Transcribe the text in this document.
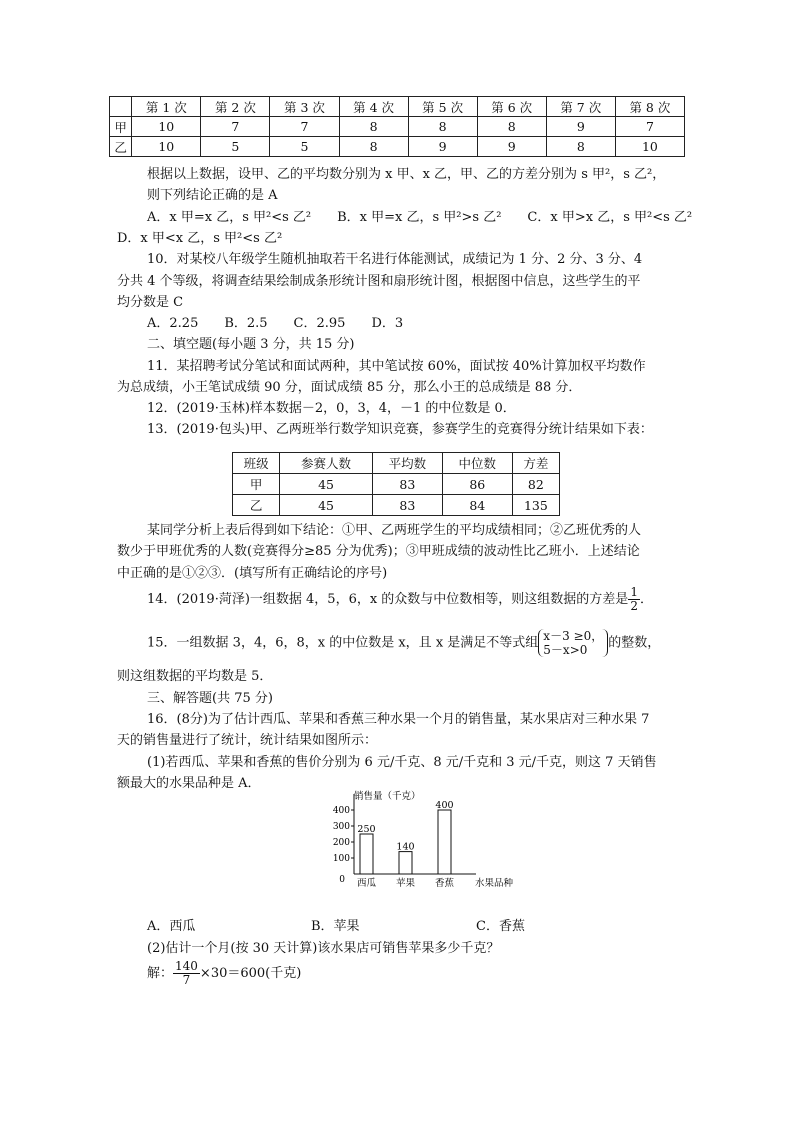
	第 1 次	第 2 次	第 3 次	第 4 次	第 5 次	第 6 次	第 7 次	第 8 次
甲	10	7	7	8	8	8	9	7
乙	10	5	5	8	9	9	8	10
根据以上数据，设甲、乙的平均数分别为 x 甲、x 乙，甲、乙的方差分别为 s 甲²，s 乙²，
则下列结论正确的是 A
A．x 甲=x 乙，s 甲²<s 乙²　　B．x 甲=x 乙，s 甲²>s 乙²　　C．x 甲>x 乙，s 甲²<s 乙²
D．x 甲<x 乙，s 甲²<s 乙²
10．对某校八年级学生随机抽取若干名进行体能测试，成绩记为 1 分、2 分、3 分、4
分共 4 个等级，将调查结果绘制成条形统计图和扇形统计图，根据图中信息，这些学生的平
均分数是 C
A．2.25　　B．2.5　　C．2.95　　D．3
二、填空题(每小题 3 分，共 15 分)
11．某招聘考试分笔试和面试两种，其中笔试按 60%，面试按 40%计算加权平均数作
为总成绩，小王笔试成绩 90 分，面试成绩 85 分，那么小王的总成绩是 88 分．
12．(2019·玉林)样本数据－2，0，3，4，－1 的中位数是 0．
13．(2019·包头)甲、乙两班举行数学知识竞赛，参赛学生的竞赛得分统计结果如下表：
班级	参赛人数	平均数	中位数	方差
甲	45	83	86	82
乙	45	83	84	135
某同学分析上表后得到如下结论：①甲、乙两班学生的平均成绩相同；②乙班优秀的人
数少于甲班优秀的人数(竞赛得分≥85 分为优秀)；③甲班成绩的波动性比乙班小．上述结论
中正确的是①②③．(填写所有正确结论的序号)
14．(2019·菏泽)一组数据 4，5，6，x 的众数与中位数相等，则这组数据的方差是 $\frac{1}{2}$ ．
15．一组数据 3，4，6，8，x 的中位数是 x，且 x 是满足不等式组 x－3 ≥0，
5－x>0	的整数，
则这组数据的平均数是 5．
三、解答题(共 75 分)
16．(8分)为了估计西瓜、苹果和香蕉三种水果一个月的销售量，某水果店对三种水果 7
天的销售量进行了统计，统计结果如图所示：
(1)若西瓜、苹果和香蕉的售价分别为 6 元/千克、8 元/千克和 3 元/千克，则这 7 天销售
额最大的水果品种是 A．
0
100
200
300
400
销售量（千克）
250
西瓜
140
苹果
400
香蕉 水果品种
A．西瓜	B．苹果	C．香蕉
(2)估计一个月(按 30 天计算)该水果店可销售苹果多少千克？
解： $\frac{140}{7} \times 30=600$(千克)
